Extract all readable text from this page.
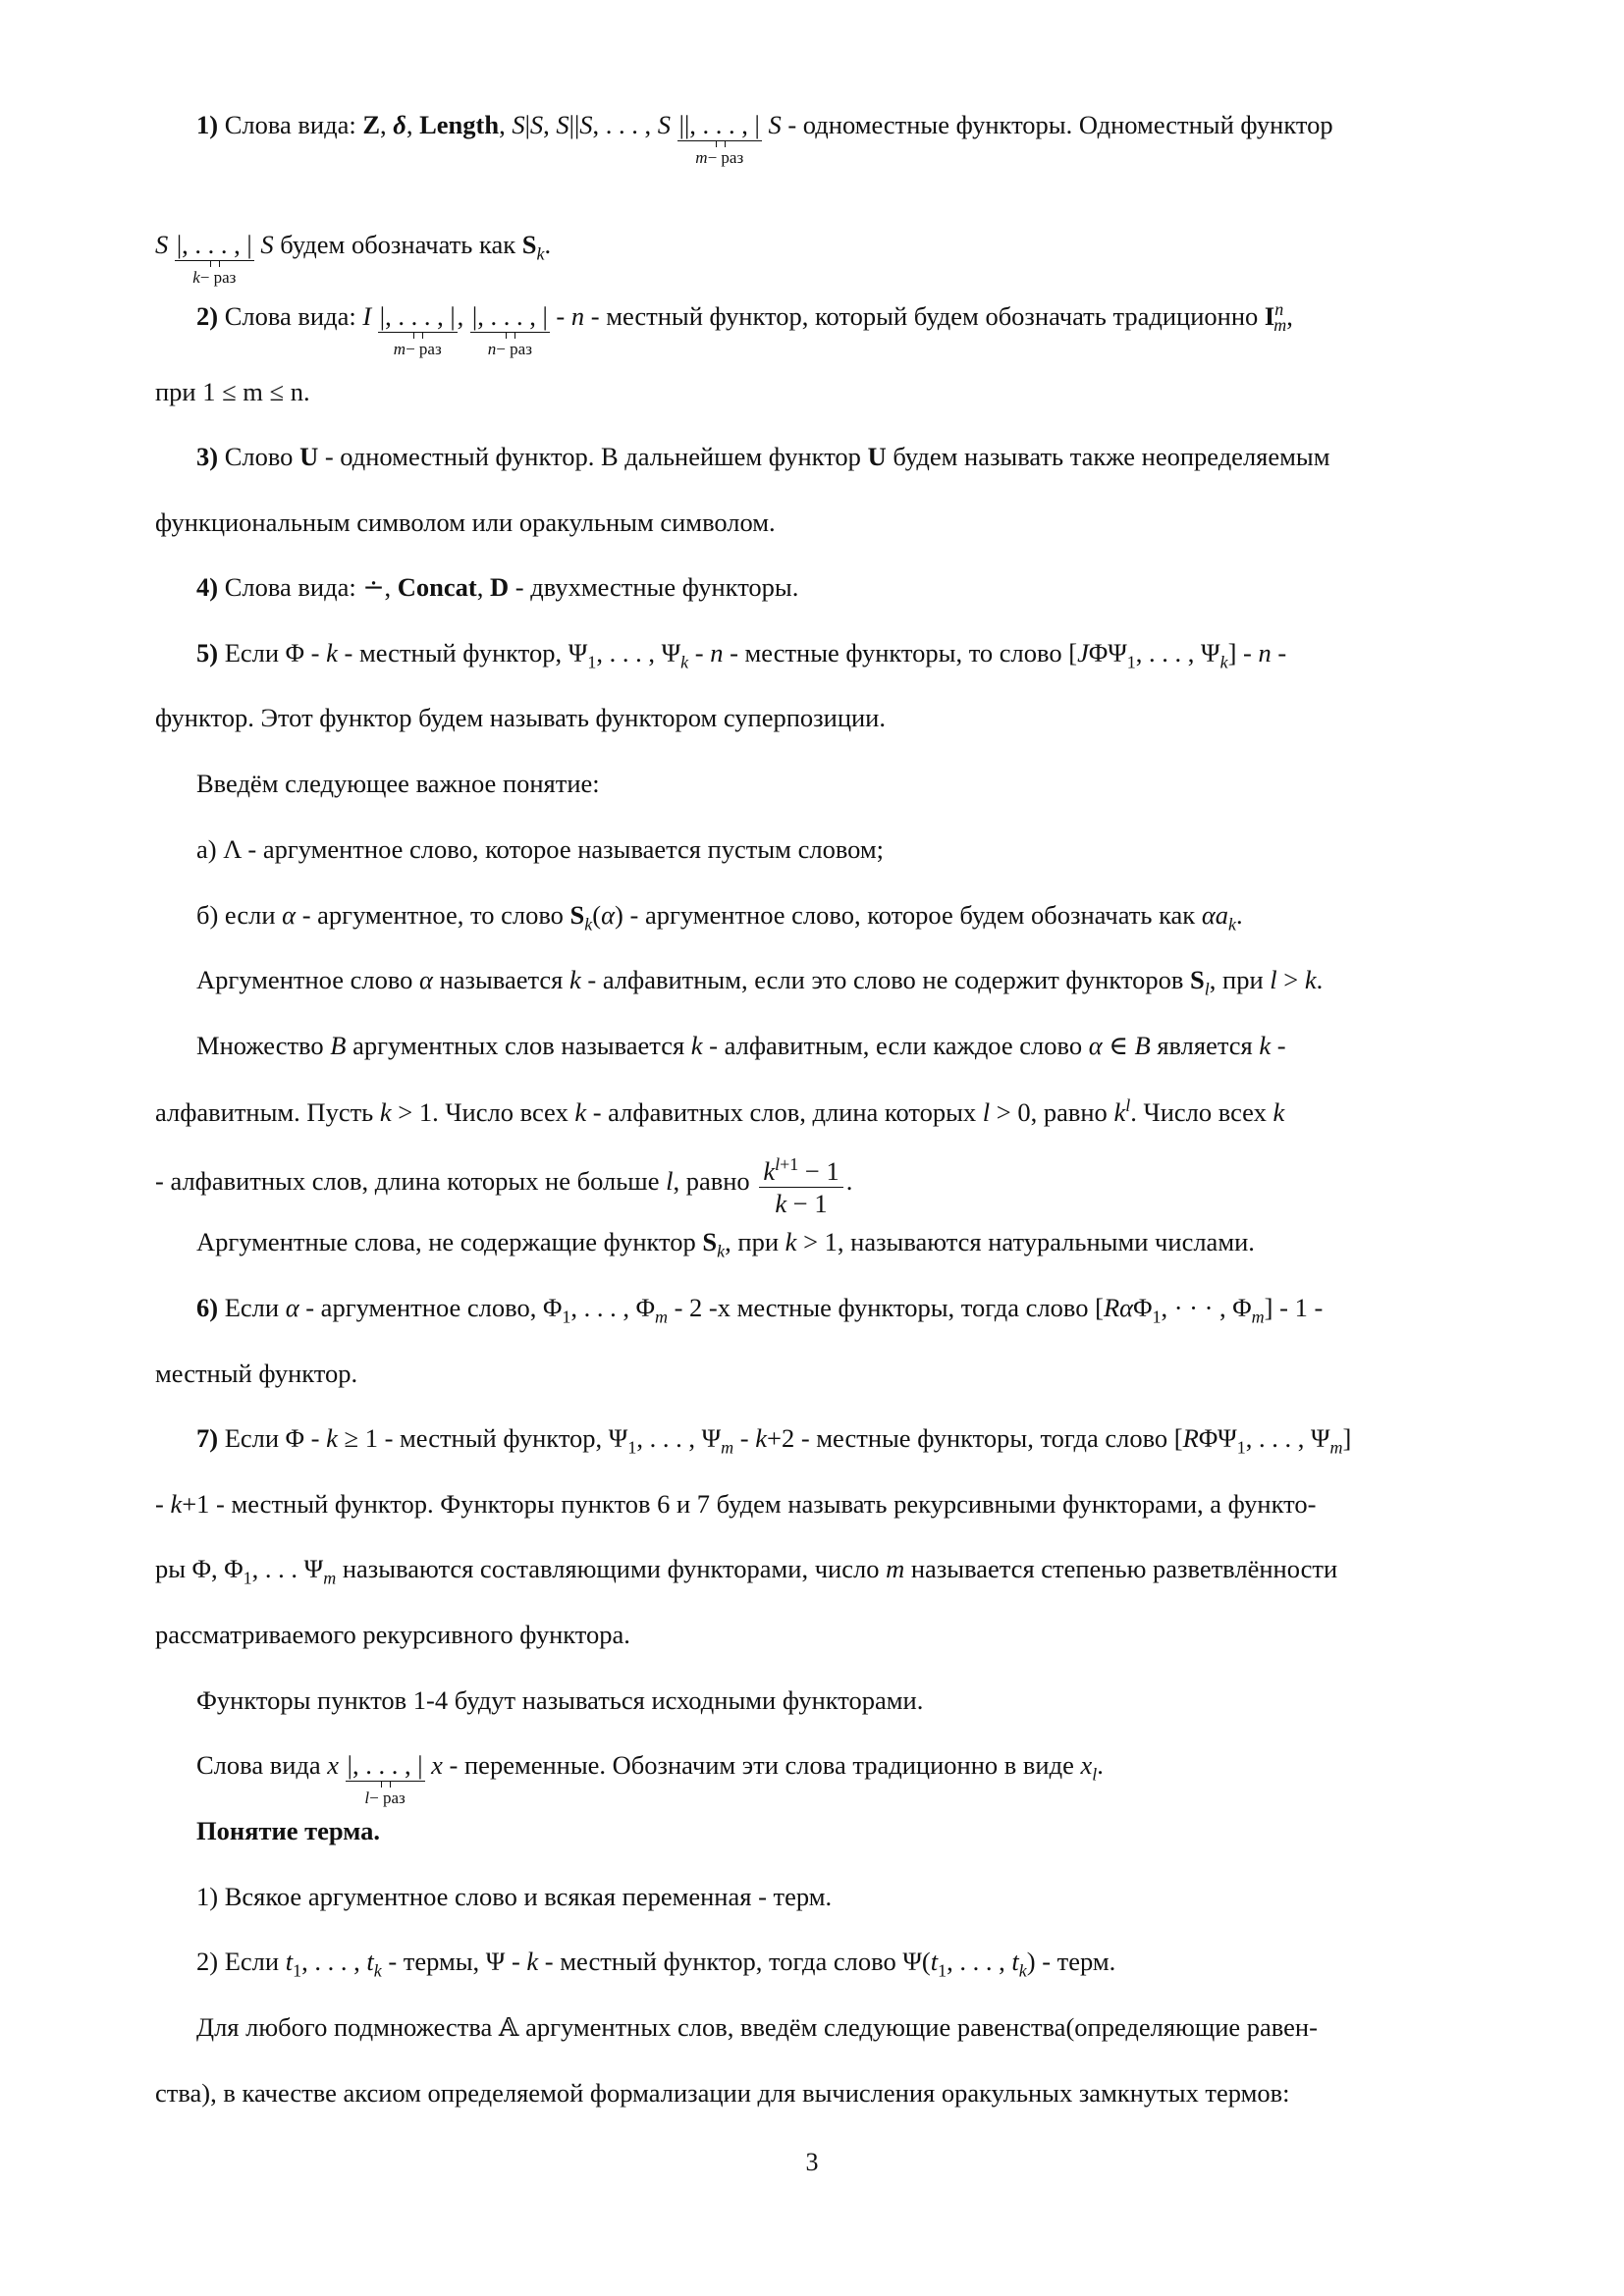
1) Слова вида: Z, δ, Length, S|S, S||S, . . . , S ||, . . . , |
m− раз
S - одноместные функторы. Одноместный функтор
S |, . . . , |
k− раз
S будем обозначать как $S_k$.
2) Слова вида: I |, . . . , |
m− раз
, |, . . . , |
n− раз
- n - местный функтор, который будем обозначать традиционно $I^n_m$,
при 1 ≤ m ≤ n.
3) Слово U - одноместный функтор. В дальнейшем функтор U будем называть также неопределяемым
функциональным символом или оракульным символом.
4) Слова вида: ∸, Concat, D - двухместные функторы.
5) Если Φ - k - местный функтор, $\Psi_1$, . . . , $\Psi_k$ - n - местные функторы, то слово [$J\Phi\Psi_1$, . . . , $\Psi_k$] - n -
функтор. Этот функтор будем называть функтором суперпозиции.
Введём следующее важное понятие:
а) Λ - аргументное слово, которое называется пустым словом;
б) если α - аргументное, то слово $S_k(\alpha)$ - аргументное слово, которое будем обозначать как $\alpha a_k$.
Аргументное слово α называется k - алфавитным, если это слово не содержит функторов $S_l$, при l > k.
Множество B аргументных слов называется k - алфавитным, если каждое слово α ∈ B является k -
алфавитным. Пусть k > 1. Число всех k - алфавитных слов, длина которых l > 0, равно $k^l$. Число всех k
- алфавитных слов, длина которых не больше l, равно $\frac{k^{l+1} - 1}{k - 1}$ .
Аргументные слова, не содержащие функтор $S_k$, при k > 1, называются натуральными числами.
6) Если α - аргументное слово, $\Phi_1$, . . . , $\Phi_m - 2$ -х местные функторы, тогда слово [RαΦ$_1$, · · · , $\Phi_m] - 1$ -
местный функтор.
7) Если Φ - k ≥ 1 - местный функтор, $\Psi_1$, . . . , $\Psi_m - k+2$ - местные функторы, тогда слово [$R\Phi\Psi_1$, . . . , $\Psi_m$]
- k+1 - местный функтор. Функторы пунктов 6 и 7 будем называть рекурсивными функторами, а функто-
ры Φ, $\Phi_1$, . . . $\Psi_m$ называются составляющими функторами, число m называется степенью разветвлённости
рассматриваемого рекурсивного функтора.
Функторы пунктов 1-4 будут называться исходными функторами.
Слова вида x |, . . . , |
l− раз
x - переменные. Обозначим эти слова традиционно в виде $x_l$.
Понятие терма.
1) Всякое аргументное слово и всякая переменная - терм.
2) Если $t_1$, . . . , $t_k$ - термы, Ψ - k - местный функтор, тогда слово $\Psi(t_1$, . . . , $t_k$) - терм.
Для любого подмножества 𝔸 аргументных слов, введём следующие равенства(определяющие равен-
ства), в качестве аксиом определяемой формализации для вычисления оракульных замкнутых термов:
3
